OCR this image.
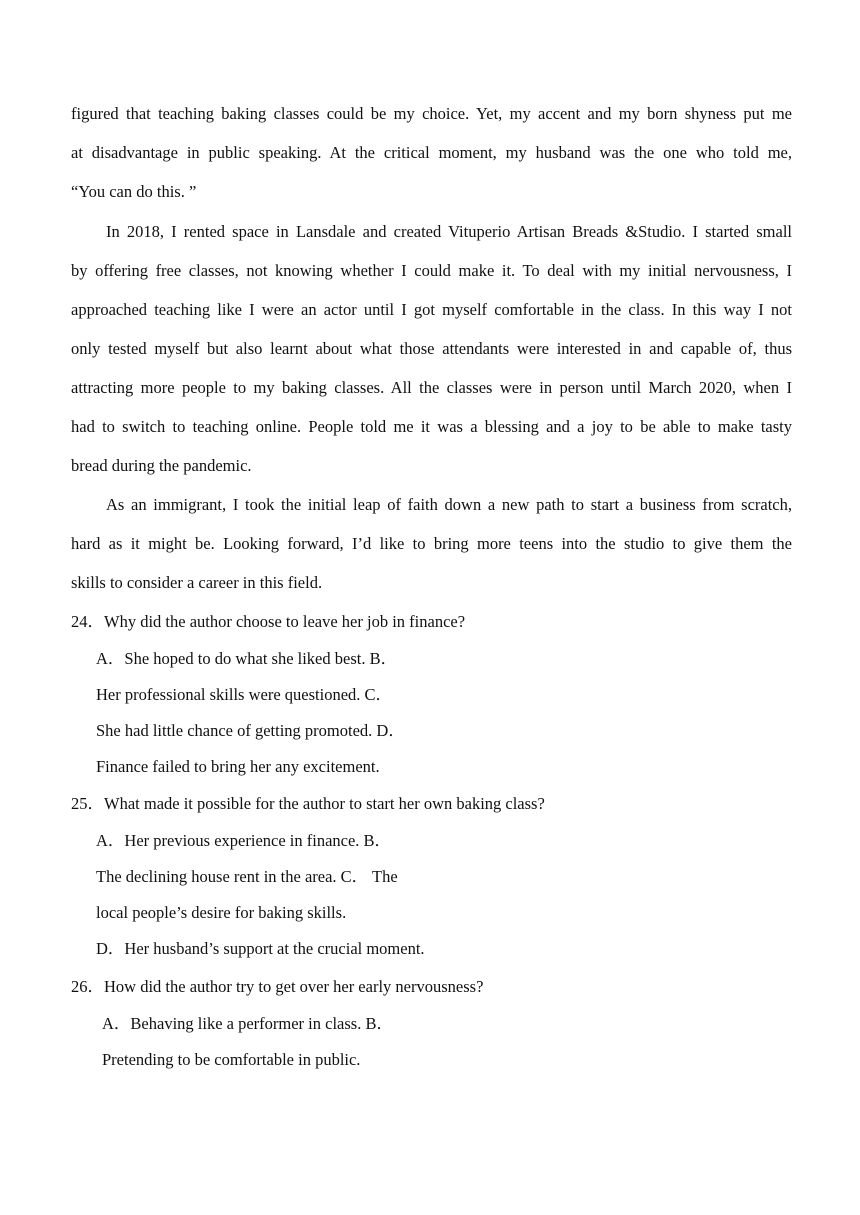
figured that teaching baking classes could be my choice. Yet, my accent and my born shyness put me
at disadvantage in public speaking. At the critical moment, my husband was the one who told me,
“You can do this. ”
In 2018, I rented space in Lansdale and created Vituperio Artisan Breads &Studio. I started small
by offering free classes, not knowing whether I could make it. To deal with my initial nervousness, I
approached teaching like I were an actor until I got myself comfortable in the class. In this way I not
only tested myself but also learnt about what those attendants were interested in and capable of, thus
attracting more people to my baking classes. All the classes were in person until March 2020, when I
had to switch to teaching online. People told me it was a blessing and a joy to be able to make tasty
bread during the pandemic.
As an immigrant, I took the initial leap of faith down a new path to start a business from scratch,
hard as it might be. Looking forward, I’d like to bring more teens into the studio to give them the
skills to consider a career in this field.
24．Why did the author choose to leave her job in finance?
A．She hoped to do what she liked best. B．
Her professional skills were questioned. C．
She had little chance of getting promoted. D．
Finance failed to bring her any excitement.
25．What made it possible for the author to start her own baking class?
A．Her previous experience in finance. B．
The declining house rent in the area. C． The
local people’s desire for baking skills.
D．Her husband’s support at the crucial moment.
26．How did the author try to get over her early nervousness?
A．Behaving like a performer in class. B．
Pretending to be comfortable in public.
